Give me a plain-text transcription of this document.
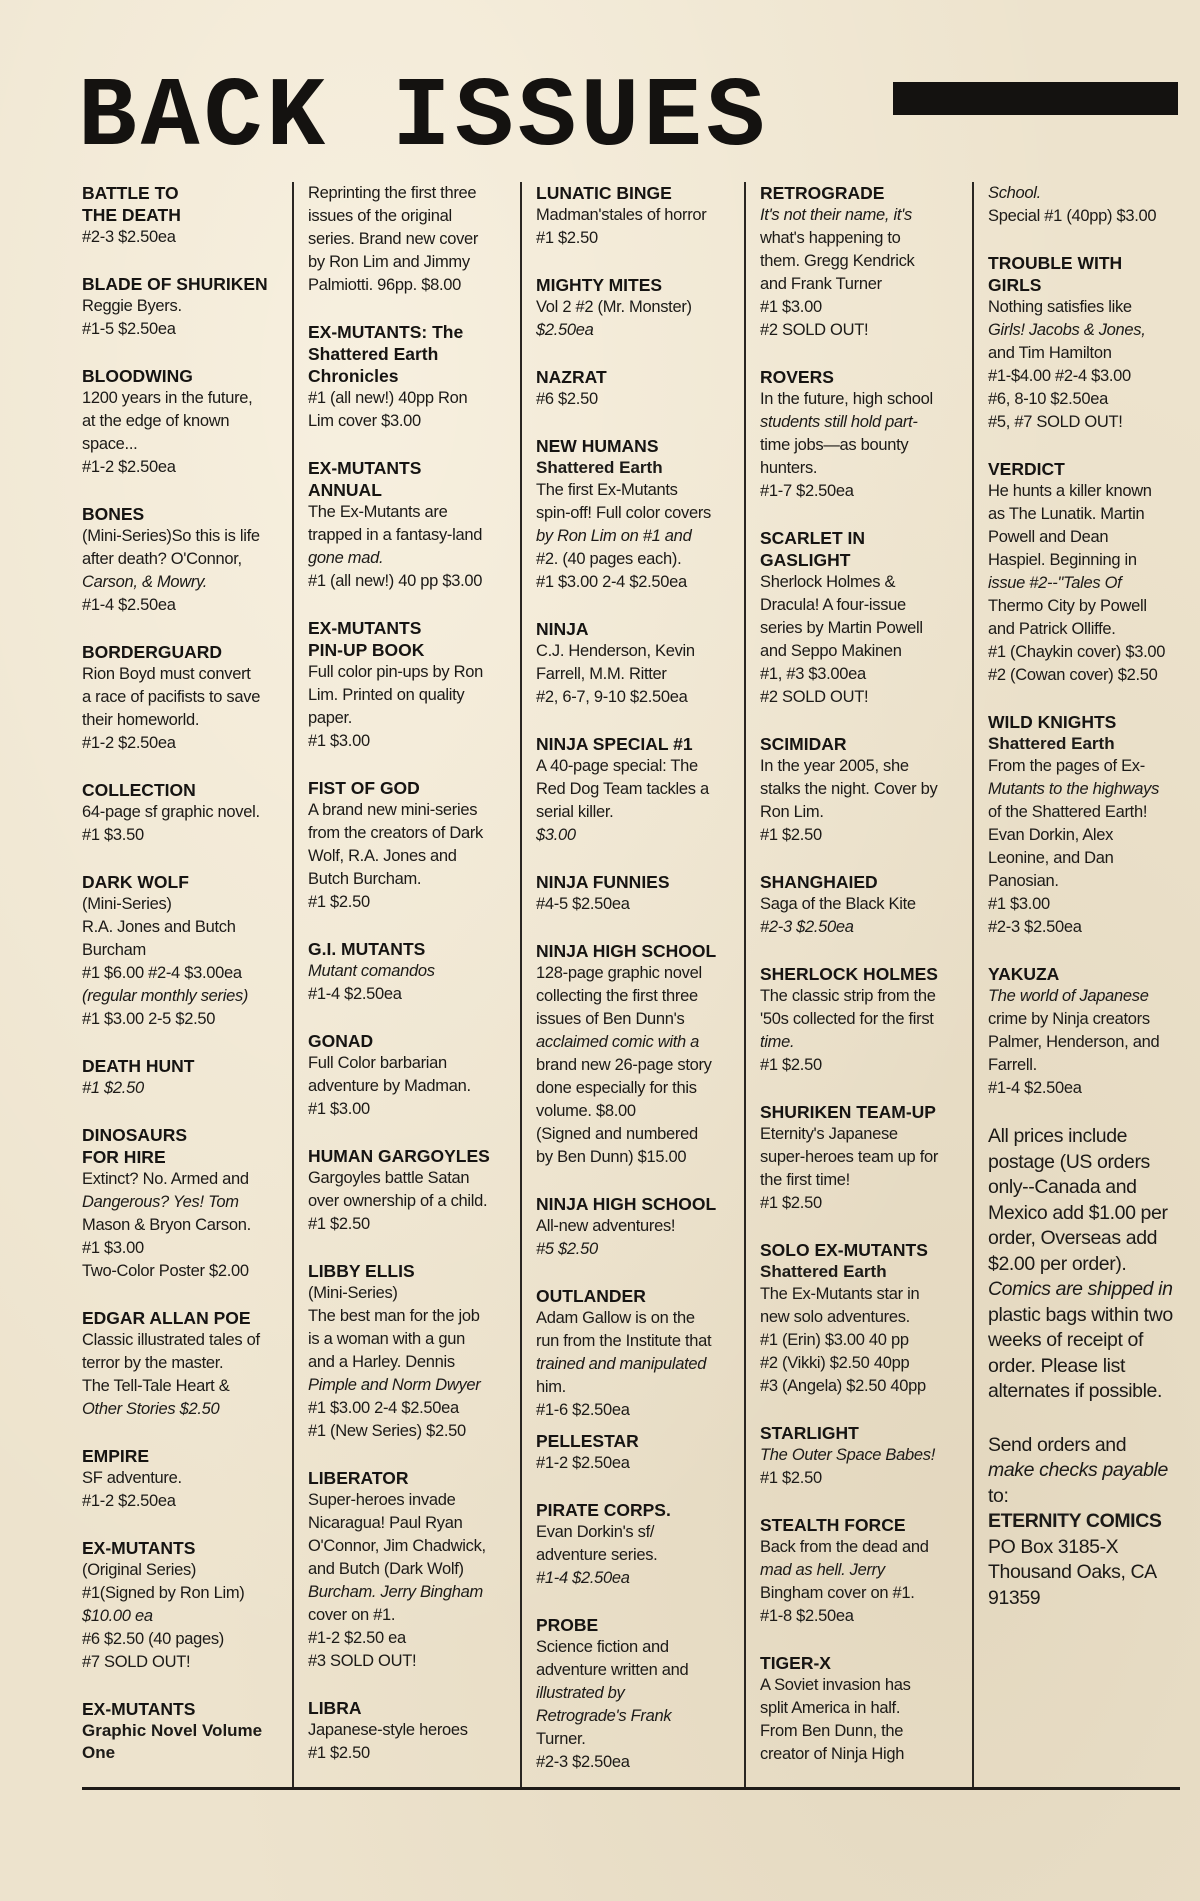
BACK ISSUES

BATTLE TO

THE DEATH

#2-3 $2.50ea

BLADE OF SHURIKEN

Reggie Byers.

#1-5 $2.50ea

BLOODWING

1200 years in the future,

at the edge of known

space...

#1-2 $2.50ea

BONES

(Mini-Series)So this is life

after death? O'Connor,

Carson, & Mowry.

#1-4 $2.50ea

BORDERGUARD

Rion Boyd must convert

a race of pacifists to save

their homeworld.

#1-2 $2.50ea

COLLECTION

64-page sf graphic novel.

#1 $3.50

DARK WOLF

(Mini-Series)

R.A. Jones and Butch

Burcham

#1 $6.00 #2-4 $3.00ea

(regular monthly series)

#1 $3.00 2-5 $2.50

DEATH HUNT

#1 $2.50

DINOSAURS

FOR HIRE

Extinct? No. Armed and

Dangerous? Yes! Tom

Mason & Bryon Carson.

#1 $3.00

Two-Color Poster $2.00

EDGAR ALLAN POE

Classic illustrated tales of

terror by the master.

The Tell-Tale Heart &

Other Stories $2.50

EMPIRE

SF adventure.

#1-2 $2.50ea

EX-MUTANTS

(Original Series)

#1(Signed by Ron Lim)

$10.00 ea

#6 $2.50 (40 pages)

#7 SOLD OUT!

EX-MUTANTS

Graphic Novel Volume

One

Reprinting the first three

issues of the original

series. Brand new cover

by Ron Lim and Jimmy

Palmiotti. 96pp. $8.00

EX-MUTANTS: The

Shattered Earth

Chronicles

#1 (all new!) 40pp Ron

Lim cover $3.00

EX-MUTANTS

ANNUAL

The Ex-Mutants are

trapped in a fantasy-land

gone mad.

#1 (all new!) 40 pp $3.00

EX-MUTANTS

PIN-UP BOOK

Full color pin-ups by Ron

Lim. Printed on quality

paper.

#1 $3.00

FIST OF GOD

A brand new mini-series

from the creators of Dark

Wolf, R.A. Jones and

Butch Burcham.

#1 $2.50

G.I. MUTANTS

Mutant comandos

#1-4 $2.50ea

GONAD

Full Color barbarian

adventure by Madman.

#1 $3.00

HUMAN GARGOYLES

Gargoyles battle Satan

over ownership of a child.

#1 $2.50

LIBBY ELLIS

(Mini-Series)

The best man for the job

is a woman with a gun

and a Harley. Dennis

Pimple and Norm Dwyer

#1 $3.00 2-4 $2.50ea

#1 (New Series) $2.50

LIBERATOR

Super-heroes invade

Nicaragua! Paul Ryan

O'Connor, Jim Chadwick,

and Butch (Dark Wolf)

Burcham. Jerry Bingham

cover on #1.

#1-2 $2.50 ea

#3 SOLD OUT!

LIBRA

Japanese-style heroes

#1 $2.50

LUNATIC BINGE

Madman'stales of horror

#1 $2.50

MIGHTY MITES

Vol 2 #2 (Mr. Monster)

$2.50ea

NAZRAT

#6 $2.50

NEW HUMANS

Shattered Earth

The first Ex-Mutants

spin-off! Full color covers

by Ron Lim on #1 and

#2. (40 pages each).

#1 $3.00 2-4 $2.50ea

NINJA

C.J. Henderson, Kevin

Farrell, M.M. Ritter

#2, 6-7, 9-10 $2.50ea

NINJA SPECIAL #1

A 40-page special: The

Red Dog Team tackles a

serial killer.

$3.00

NINJA FUNNIES

#4-5 $2.50ea

NINJA HIGH SCHOOL

128-page graphic novel

collecting the first three

issues of Ben Dunn's

acclaimed comic with a

brand new 26-page story

done especially for this

volume. $8.00

(Signed and numbered

by Ben Dunn) $15.00

NINJA HIGH SCHOOL

All-new adventures!

#5 $2.50

OUTLANDER

Adam Gallow is on the

run from the Institute that

trained and manipulated

him.

#1-6 $2.50ea

PELLESTAR

#1-2 $2.50ea

PIRATE CORPS.

Evan Dorkin's sf/

adventure series.

#1-4 $2.50ea

PROBE

Science fiction and

adventure written and

illustrated by

Retrograde's Frank

Turner.

#2-3 $2.50ea

RETROGRADE

It's not their name, it's

what's happening to

them. Gregg Kendrick

and Frank Turner

#1 $3.00

#2 SOLD OUT!

ROVERS

In the future, high school

students still hold part-

time jobs—as bounty

hunters.

#1-7 $2.50ea

SCARLET IN

GASLIGHT

Sherlock Holmes &

Dracula! A four-issue

series by Martin Powell

and Seppo Makinen

#1, #3 $3.00ea

#2 SOLD OUT!

SCIMIDAR

In the year 2005, she

stalks the night. Cover by

Ron Lim.

#1 $2.50

SHANGHAIED

Saga of the Black Kite

#2-3 $2.50ea

SHERLOCK HOLMES

The classic strip from the

'50s collected for the first

time.

#1 $2.50

SHURIKEN TEAM-UP

Eternity's Japanese

super-heroes team up for

the first time!

#1 $2.50

SOLO EX-MUTANTS

Shattered Earth

The Ex-Mutants star in

new solo adventures.

#1 (Erin) $3.00 40 pp

#2 (Vikki) $2.50 40pp

#3 (Angela) $2.50 40pp

STARLIGHT

The Outer Space Babes!

#1 $2.50

STEALTH FORCE

Back from the dead and

mad as hell. Jerry

Bingham cover on #1.

#1-8 $2.50ea

TIGER-X

A Soviet invasion has

split America in half.

From Ben Dunn, the

creator of Ninja High

School.

Special #1 (40pp) $3.00

TROUBLE WITH

GIRLS

Nothing satisfies like

Girls! Jacobs & Jones,

and Tim Hamilton

#1-$4.00 #2-4 $3.00

#6, 8-10 $2.50ea

#5, #7 SOLD OUT!

VERDICT

He hunts a killer known

as The Lunatik. Martin

Powell and Dean

Haspiel. Beginning in

issue #2--"Tales Of

Thermo City by Powell

and Patrick Olliffe.

#1 (Chaykin cover) $3.00

#2 (Cowan cover) $2.50

WILD KNIGHTS

Shattered Earth

From the pages of Ex-

Mutants to the highways

of the Shattered Earth!

Evan Dorkin, Alex

Leonine, and Dan

Panosian.

#1 $3.00

#2-3 $2.50ea

YAKUZA

The world of Japanese

crime by Ninja creators

Palmer, Henderson, and

Farrell.

#1-4 $2.50ea

All prices include

postage (US orders

only--Canada and

Mexico add $1.00 per

order, Overseas add

$2.00 per order).

Comics are shipped in

plastic bags within two

weeks of receipt of

order. Please list

alternates if possible.

Send orders and

make checks payable

to:

ETERNITY COMICS

PO Box 3185-X

Thousand Oaks, CA

91359
